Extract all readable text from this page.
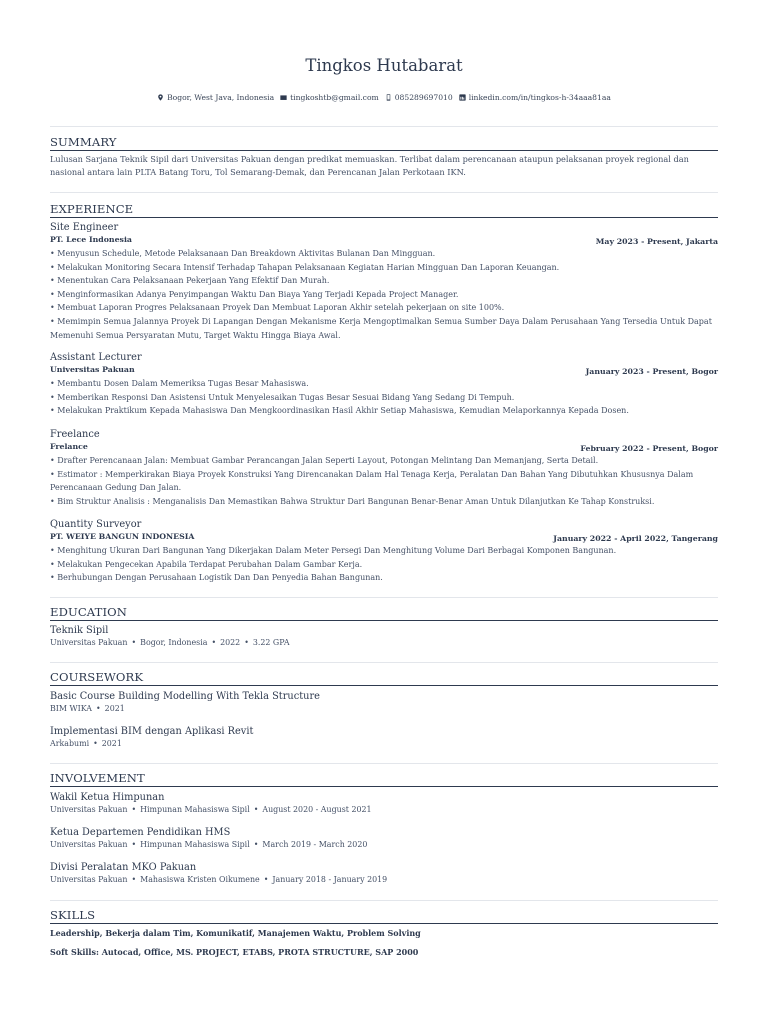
Tingkos Hutabarat
Bogor, West Java, Indonesia tingkoshtb@gmail.com 085289697010 linkedin.com/in/tingkos-h-34aaa81aa
SUMMARY
Lulusan Sarjana Teknik Sipil dari Universitas Pakuan dengan predikat memuaskan. Terlibat dalam perencanaan ataupun pelaksanan proyek regional dan nasional antara lain PLTA Batang Toru, Tol Semarang-Demak, dan Perencanan Jalan Perkotaan IKN.
EXPERIENCE
Site Engineer
PT. Lece Indonesia	May 2023 - Present, Jakarta
• Menyusun Schedule, Metode Pelaksanaan Dan Breakdown Aktivitas Bulanan Dan Mingguan.
• Melakukan Monitoring Secara Intensif Terhadap Tahapan Pelaksanaan Kegiatan Harian Mingguan Dan Laporan Keuangan.
• Menentukan Cara Pelaksanaan Pekerjaan Yang Efektif Dan Murah.
• Menginformasikan Adanya Penyimpangan Waktu Dan Biaya Yang Terjadi Kepada Project Manager.
• Membuat Laporan Progres Pelaksanaan Proyek Dan Membuat Laporan Akhir setelah pekerjaan on site 100%.
• Memimpin Semua Jalannya Proyek Di Lapangan Dengan Mekanisme Kerja Mengoptimalkan Semua Sumber Daya Dalam Perusahaan Yang Tersedia Untuk Dapat Memenuhi Semua Persyaratan Mutu, Target Waktu Hingga Biaya Awal.
Assistant Lecturer
Universitas Pakuan	January 2023 - Present, Bogor
• Membantu Dosen Dalam Memeriksa Tugas Besar Mahasiswa.
• Memberikan Responsi Dan Asistensi Untuk Menyelesaikan Tugas Besar Sesuai Bidang Yang Sedang Di Tempuh.
• Melakukan Praktikum Kepada Mahasiswa Dan Mengkoordinasikan Hasil Akhir Setiap Mahasiswa, Kemudian Melaporkannya Kepada Dosen.
Freelance
Frelance	February 2022 - Present, Bogor
• Drafter Perencanaan Jalan: Membuat Gambar Perancangan Jalan Seperti Layout, Potongan Melintang Dan Memanjang, Serta Detail.
• Estimator : Memperkirakan Biaya Proyek Konstruksi Yang Direncanakan Dalam Hal Tenaga Kerja, Peralatan Dan Bahan Yang Dibutuhkan Khususnya Dalam Perencanaan Gedung Dan Jalan.
• Bim Struktur Analisis : Menganalisis Dan Memastikan Bahwa Struktur Dari Bangunan Benar-Benar Aman Untuk Dilanjutkan Ke Tahap Konstruksi.
Quantity Surveyor
PT. WEIYE BANGUN INDONESIA	January 2022 - April 2022, Tangerang
• Menghitung Ukuran Dari Bangunan Yang Dikerjakan Dalam Meter Persegi Dan Menghitung Volume Dari Berbagai Komponen Bangunan.
• Melakukan Pengecekan Apabila Terdapat Perubahan Dalam Gambar Kerja.
• Berhubungan Dengan Perusahaan Logistik Dan Dan Penyedia Bahan Bangunan.
EDUCATION
Teknik Sipil
Universitas Pakuan • Bogor, Indonesia • 2022 • 3.22 GPA
COURSEWORK
Basic Course Building Modelling With Tekla Structure
BIM WIKA • 2021
Implementasi BIM dengan Aplikasi Revit
Arkabumi • 2021
INVOLVEMENT
Wakil Ketua Himpunan
Universitas Pakuan • Himpunan Mahasiswa Sipil • August 2020 - August 2021
Ketua Departemen Pendidikan HMS
Universitas Pakuan • Himpunan Mahasiswa Sipil • March 2019 - March 2020
Divisi Peralatan MKO Pakuan
Universitas Pakuan • Mahasiswa Kristen Oikumene • January 2018 - January 2019
SKILLS
Leadership, Bekerja dalam Tim, Komunikatif, Manajemen Waktu, Problem Solving
Soft Skills: Autocad, Office, MS. PROJECT, ETABS, PROTA STRUCTURE, SAP 2000
